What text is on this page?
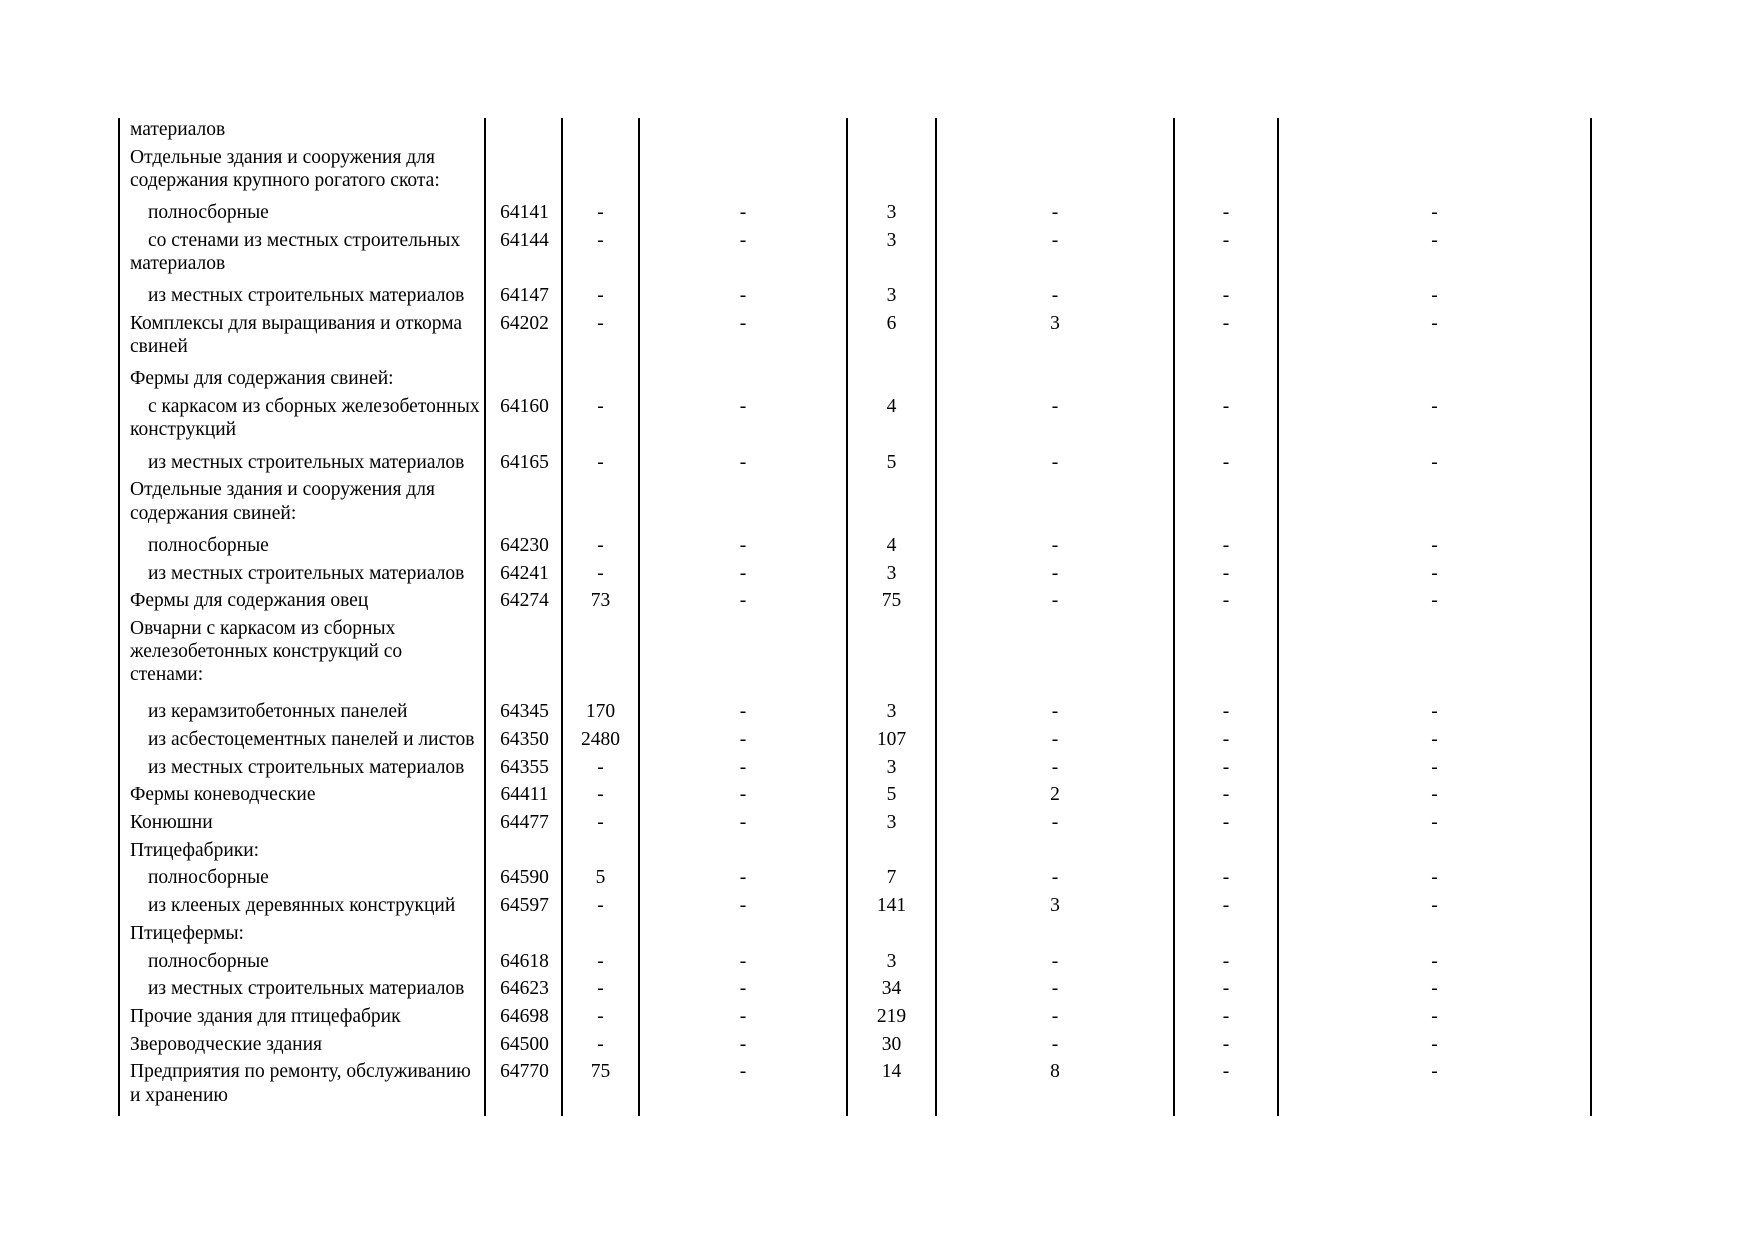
материалов							
Отдельные здания и сооружения для содержания крупного рогатого скота:							
полносборные	64141	-	-	3	-	-	-
со стенами из местных строительных материалов	64144	-	-	3	-	-	-
из местных строительных материалов	64147	-	-	3	-	-	-
Комплексы для выращивания и откорма свиней	64202	-	-	6	3	-	-
Фермы для содержания свиней:							
с каркасом из сборных железобетонных конструкций	64160	-	-	4	-	-	-
из местных строительных материалов	64165	-	-	5	-	-	-
Отдельные здания и сооружения для содержания свиней:							
полносборные	64230	-	-	4	-	-	-
из местных строительных материалов	64241	-	-	3	-	-	-
Фермы для содержания овец	64274	73	-	75	-	-	-
Овчарни с каркасом из сборных железобетонных конструкций со стенами:							
из керамзитобетонных панелей	64345	170	-	3	-	-	-
из асбестоцементных панелей и листов	64350	2480	-	107	-	-	-
из местных строительных материалов	64355	-	-	3	-	-	-
Фермы коневодческие	64411	-	-	5	2	-	-
Конюшни	64477	-	-	3	-	-	-
Птицефабрики:							
полносборные	64590	5	-	7	-	-	-
из клееных деревянных конструкций	64597	-	-	141	3	-	-
Птицефермы:							
полносборные	64618	-	-	3	-	-	-
из местных строительных материалов	64623	-	-	34	-	-	-
Прочие здания для птицефабрик	64698	-	-	219	-	-	-
Звероводческие здания	64500	-	-	30	-	-	-
Предприятия по ремонту, обслуживанию и хранению	64770	75	-	14	8	-	-
